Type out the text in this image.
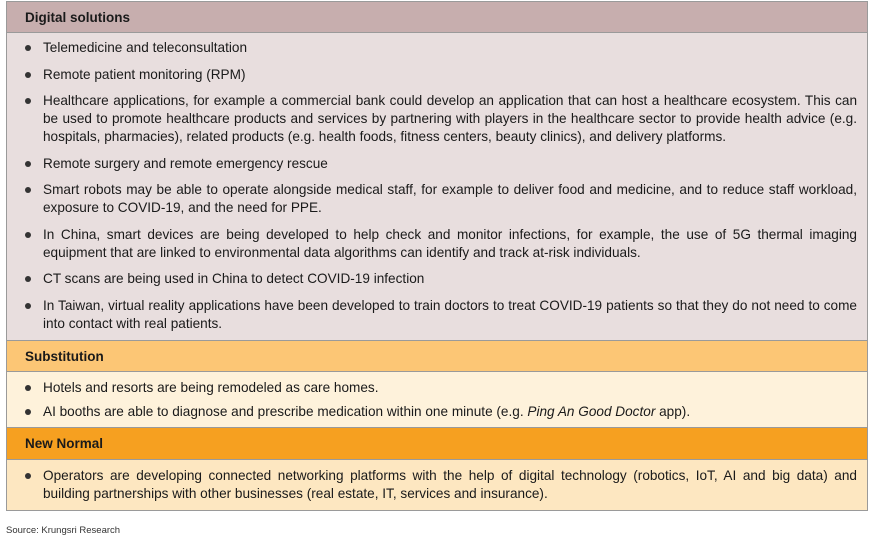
Digital solutions
Telemedicine and teleconsultation
Remote patient monitoring (RPM)
Healthcare applications, for example a commercial bank could develop an application that can host a healthcare ecosystem. This can be used to promote healthcare products and services by partnering with players in the healthcare sector to provide health advice (e.g. hospitals, pharmacies), related products (e.g. health foods, fitness centers, beauty clinics), and delivery platforms.
Remote surgery and remote emergency rescue
Smart robots may be able to operate alongside medical staff, for example to deliver food and medicine, and to reduce staff workload, exposure to COVID-19, and the need for PPE.
In China, smart devices are being developed to help check and monitor infections, for example, the use of 5G thermal imaging equipment that are linked to environmental data algorithms can identify and track at-risk individuals.
CT scans are being used in China to detect COVID-19 infection
In Taiwan, virtual reality applications have been developed to train doctors to treat COVID-19 patients so that they do not need to come into contact with real patients.
Substitution
Hotels and resorts are being remodeled as care homes.
AI booths are able to diagnose and prescribe medication within one minute (e.g. Ping An Good Doctor app).
New Normal
Operators are developing connected networking platforms with the help of digital technology (robotics, IoT, AI and big data) and building partnerships with other businesses (real estate, IT, services and insurance).
Source: Krungsri Research
